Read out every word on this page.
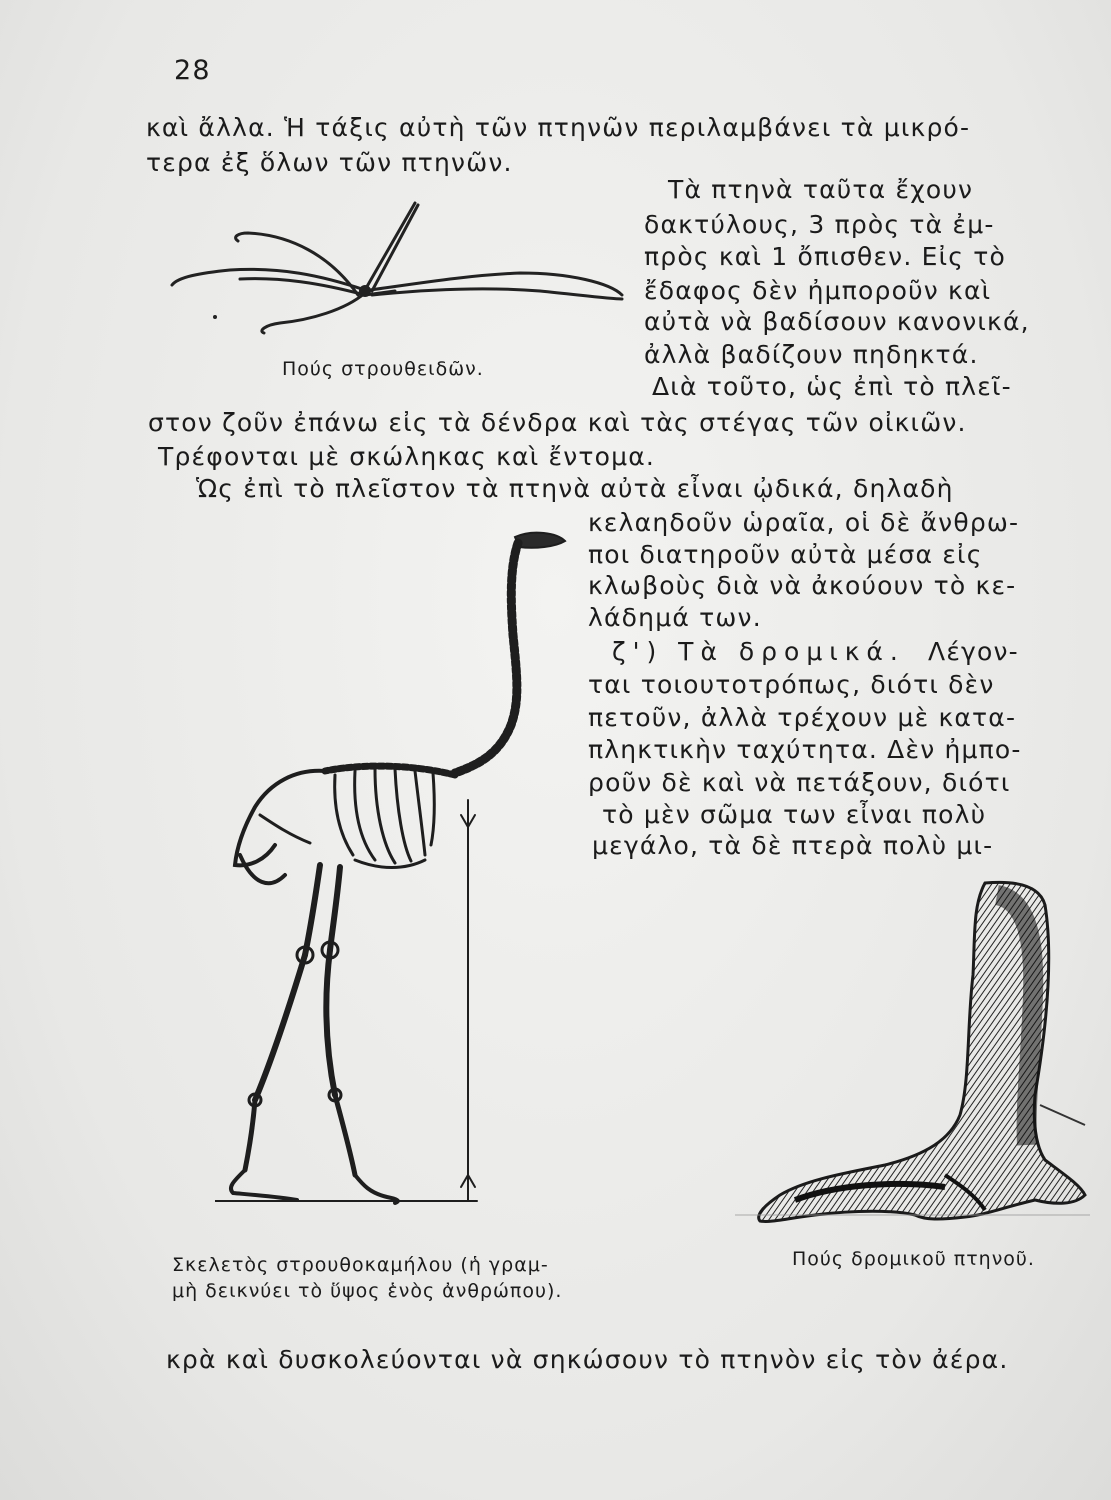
28
καὶ ἄλλα. Ἡ τάξις αὐτὴ τῶν πτηνῶν περιλαμβάνει τὰ μικρό-
τερα ἐξ ὅλων τῶν πτηνῶν.
Τὰ πτηνὰ ταῦτα ἔχουν
δακτύλους, 3 πρὸς τὰ ἐμ-
πρὸς καὶ 1 ὄπισθεν. Εἰς τὸ
ἔδαφος δὲν ἠμποροῦν καὶ
αὐτὰ νὰ βαδίσουν κανονικά,
ἀλλὰ βαδίζουν πηδηκτά.
Διὰ τοῦτο, ὡς ἐπὶ τὸ πλεῖ-
στον ζοῦν ἐπάνω εἰς τὰ δένδρα καὶ τὰς στέγας τῶν οἰκιῶν.
Τρέφονται μὲ σκώληκας καὶ ἔντομα.
Ὡς ἐπὶ τὸ πλεῖστον τὰ πτηνὰ αὐτὰ εἶναι ᾠδικά, δηλαδὴ
κελαηδοῦν ὡραῖα, οἱ δὲ ἄνθρω-
ποι διατηροῦν αὐτὰ μέσα εἰς
κλωβοὺς διὰ νὰ ἀκούουν τὸ κε-
λάδημά των.
ζ') Τὰ δρομικά. Λέγον-
ται τοιουτοτρόπως, διότι δὲν
πετοῦν, ἀλλὰ τρέχουν μὲ κατα-
πληκτικὴν ταχύτητα. Δὲν ἠμπο-
ροῦν δὲ καὶ νὰ πετάξουν, διότι
τὸ μὲν σῶμα των εἶναι πολὺ
μεγάλο, τὰ δὲ πτερὰ πολὺ μι-
Πούς στρουθειδῶν.
Σκελετὸς στρουθοκαμήλου (ἡ γραμ-
μὴ δεικνύει τὸ ὕψος ἑνὸς ἀνθρώπου).
Πούς δρομικοῦ πτηνοῦ.
κρὰ καὶ δυσκολεύονται νὰ σηκώσουν τὸ πτηνὸν εἰς τὸν ἀέρα.
